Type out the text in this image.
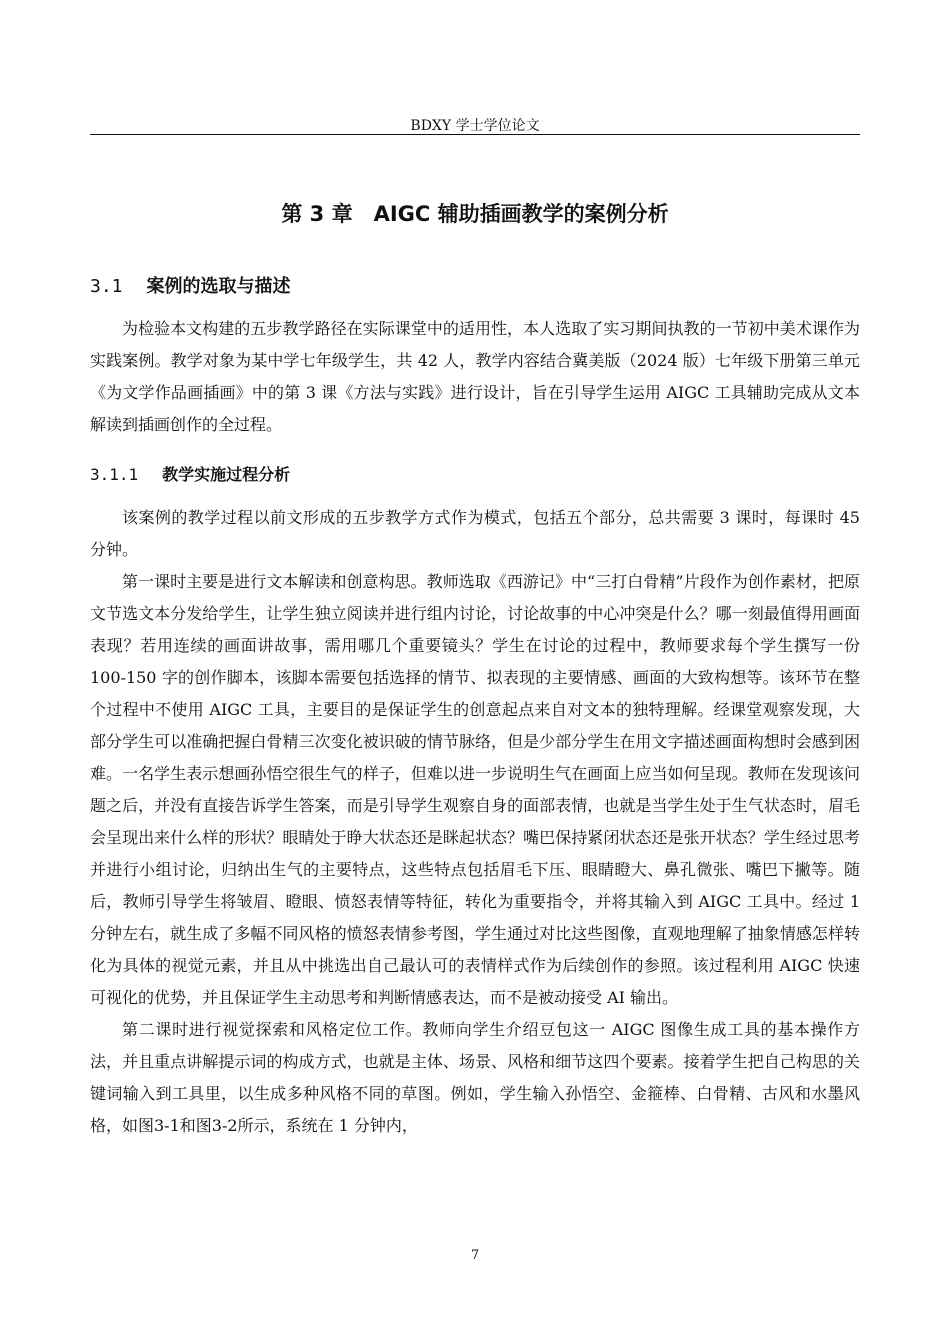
BDXY 学士学位论文
第 3 章　AIGC 辅助插画教学的案例分析
3.1 案例的选取与描述

为检验本文构建的五步教学路径在实际课堂中的适用性，本人选取了实习期间执教的一节初中美术课作为实践案例。教学对象为某中学七年级学生，共 42 人，教学内容结合冀美版（2024 版）七年级下册第三单元《为文学作品画插画》中的第 3 课《方法与实践》进行设计，旨在引导学生运用 AIGC 工具辅助完成从文本解读到插画创作的全过程。

3.1.1 教学实施过程分析

该案例的教学过程以前文形成的五步教学方式作为模式，包括五个部分，总共需要 3 课时，每课时 45 分钟。

第一课时主要是进行文本解读和创意构思。教师选取《西游记》中“三打白骨精”片段作为创作素材，把原文节选文本分发给学生，让学生独立阅读并进行组内讨论，讨论故事的中心冲突是什么？哪一刻最值得用画面表现？若用连续的画面讲故事，需用哪几个重要镜头？学生在讨论的过程中，教师要求每个学生撰写一份 100-150 字的创作脚本，该脚本需要包括选择的情节、拟表现的主要情感、画面的大致构想等。该环节在整个过程中不使用 AIGC 工具，主要目的是保证学生的创意起点来自对文本的独特理解。经课堂观察发现，大部分学生可以准确把握白骨精三次变化被识破的情节脉络，但是少部分学生在用文字描述画面构想时会感到困难。一名学生表示想画孙悟空很生气的样子，但难以进一步说明生气在画面上应当如何呈现。教师在发现该问题之后，并没有直接告诉学生答案，而是引导学生观察自身的面部表情，也就是当学生处于生气状态时，眉毛会呈现出来什么样的形状？眼睛处于睁大状态还是眯起状态？嘴巴保持紧闭状态还是张开状态？学生经过思考并进行小组讨论，归纳出生气的主要特点，这些特点包括眉毛下压、眼睛瞪大、鼻孔微张、嘴巴下撇等。随后，教师引导学生将皱眉、瞪眼、愤怒表情等特征，转化为重要指令，并将其输入到 AIGC 工具中。经过 1 分钟左右，就生成了多幅不同风格的愤怒表情参考图，学生通过对比这些图像，直观地理解了抽象情感怎样转化为具体的视觉元素，并且从中挑选出自己最认可的表情样式作为后续创作的参照。该过程利用 AIGC 快速可视化的优势，并且保证学生主动思考和判断情感表达，而不是被动接受 AI 输出。

第二课时进行视觉探索和风格定位工作。教师向学生介绍豆包这一 AIGC 图像生成工具的基本操作方法，并且重点讲解提示词的构成方式，也就是主体、场景、风格和细节这四个要素。接着学生把自己构思的关键词输入到工具里，以生成多种风格不同的草图。例如，学生输入孙悟空、金箍棒、白骨精、古风和水墨风格，如图3-1和图3-2所示，系统在 1 分钟内，

7
